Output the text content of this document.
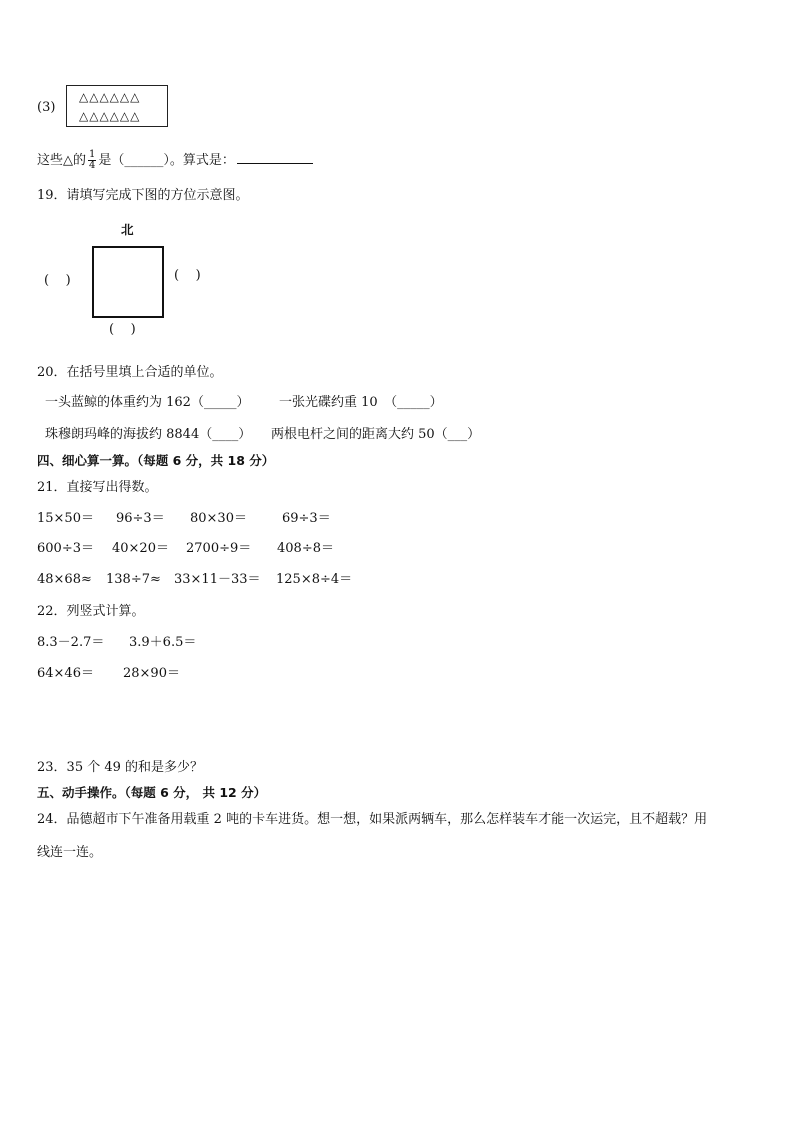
(3)
△△△△△△
△△△△△△
这些△的 $\frac{1}{4}$ 是（______）。算式是：
19．请填写完成下图的方位示意图。
北
(    )	(    )
(    )
20．在括号里填上合适的单位。
一头蓝鲸的体重约为 162（_____） 一张光碟约重 10　（_____）
珠穆朗玛峰的海拔约 8844（____） 两根电杆之间的距离大约 50（___）
四、细心算一算。（每题 6 分，共 18 分）
21．直接写出得数。
15×50＝ 96÷3＝ 80×30＝	69÷3＝
600÷3＝ 40×20＝ 2700÷9＝ 408÷8＝
48×68≈ 138÷7≈ 33×11－33＝ 125×8÷4＝
22．列竖式计算。
8.3－2.7＝ 3.9＋6.5＝
64×46＝ 28×90＝
23．35 个 49 的和是多少？
五、动手操作。（每题 6 分， 共 12 分）
24．品德超市下午准备用载重 2 吨的卡车进货。想一想，如果派两辆车，那么怎样装车才能一次运完，且不超载？用
线连一连。
